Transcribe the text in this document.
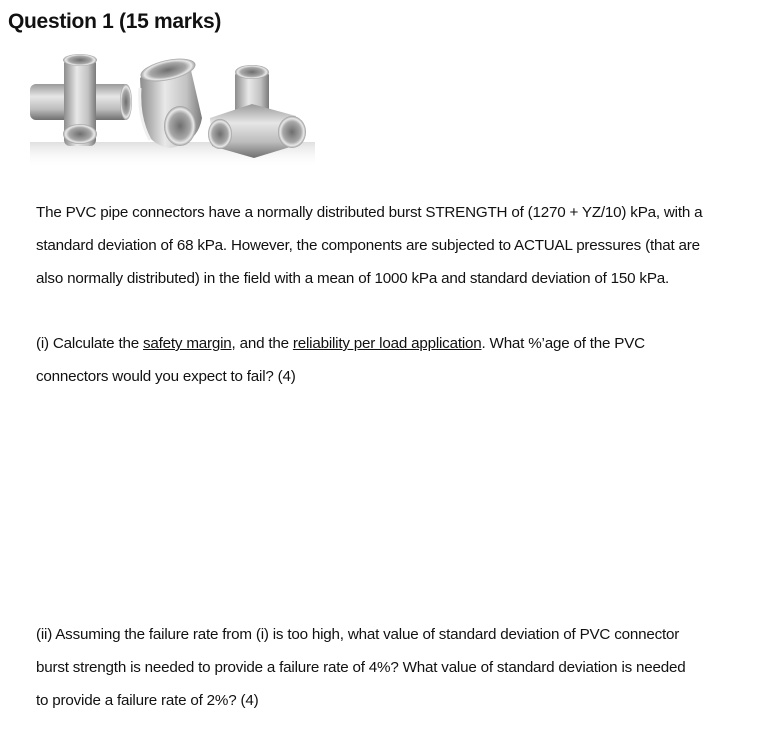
Question 1 (15 marks)
The PVC pipe connectors have a normally distributed burst STRENGTH of (1270 + YZ/10) kPa, with a
standard deviation of 68 kPa. However, the components are subjected to ACTUAL pressures (that are
also normally distributed) in the field with a mean of 1000 kPa and standard deviation of 150 kPa.
(i) Calculate the safety margin, and the reliability per load application. What %’age of the PVC
connectors would you expect to fail? (4)
(ii) Assuming the failure rate from (i) is too high, what value of standard deviation of PVC connector
burst strength is needed to provide a failure rate of 4%? What value of standard deviation is needed
to provide a failure rate of 2%? (4)
